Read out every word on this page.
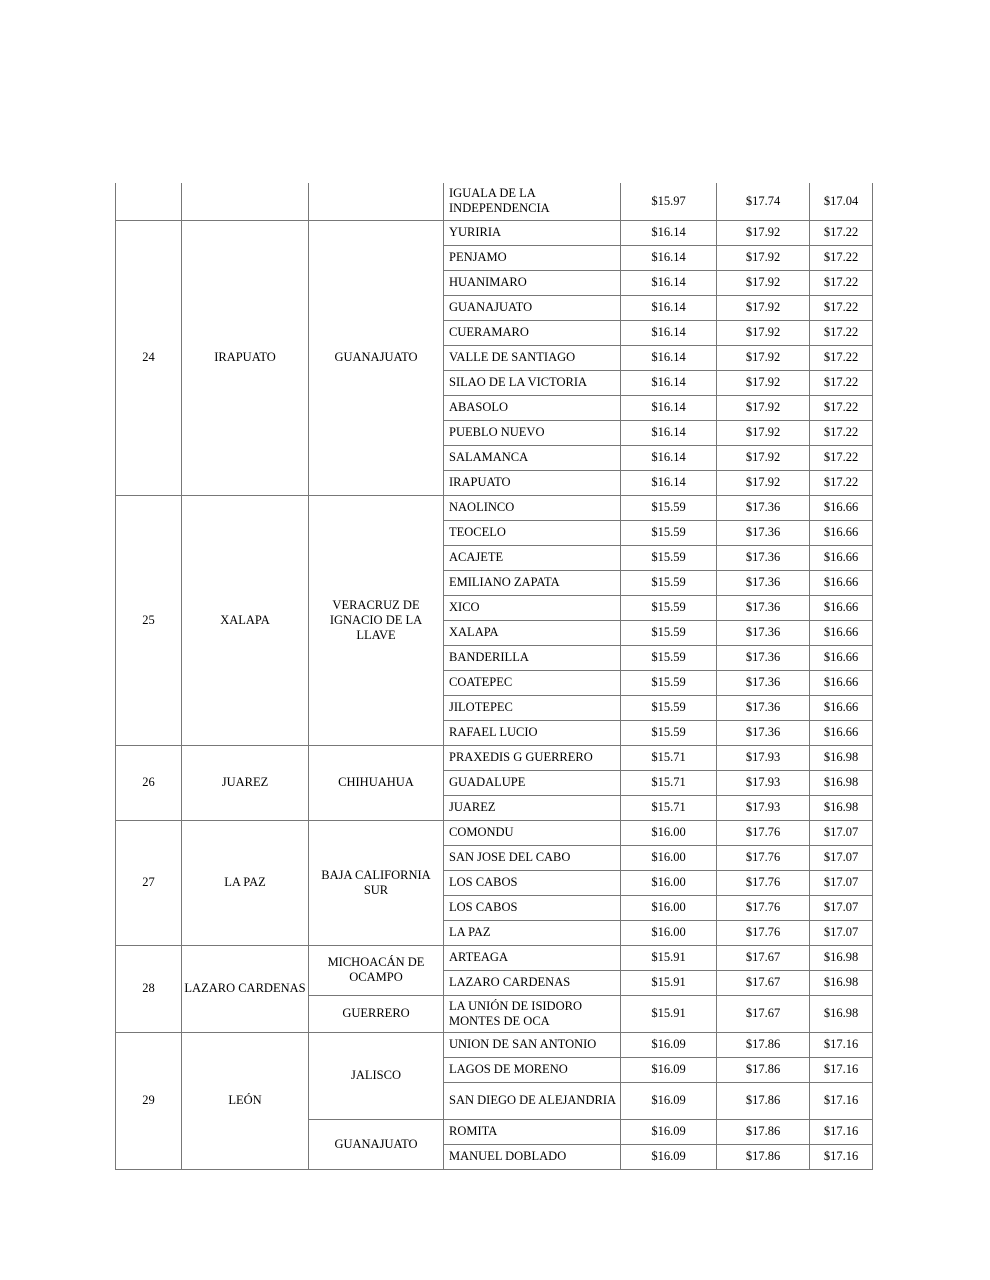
			IGUALA DE LA INDEPENDENCIA	$15.97	$17.74	$17.04
24	IRAPUATO	GUANAJUATO	YURIRIA	$16.14	$17.92	$17.22
			PENJAMO	$16.14	$17.92	$17.22
			HUANIMARO	$16.14	$17.92	$17.22
			GUANAJUATO	$16.14	$17.92	$17.22
			CUERAMARO	$16.14	$17.92	$17.22
			VALLE DE SANTIAGO	$16.14	$17.92	$17.22
			SILAO DE LA VICTORIA	$16.14	$17.92	$17.22
			ABASOLO	$16.14	$17.92	$17.22
			PUEBLO NUEVO	$16.14	$17.92	$17.22
			SALAMANCA	$16.14	$17.92	$17.22
			IRAPUATO	$16.14	$17.92	$17.22
25	XALAPA	VERACRUZ DE IGNACIO DE LA LLAVE	NAOLINCO	$15.59	$17.36	$16.66
			TEOCELO	$15.59	$17.36	$16.66
			ACAJETE	$15.59	$17.36	$16.66
			EMILIANO ZAPATA	$15.59	$17.36	$16.66
			XICO	$15.59	$17.36	$16.66
			XALAPA	$15.59	$17.36	$16.66
			BANDERILLA	$15.59	$17.36	$16.66
			COATEPEC	$15.59	$17.36	$16.66
			JILOTEPEC	$15.59	$17.36	$16.66
			RAFAEL LUCIO	$15.59	$17.36	$16.66
26	JUAREZ	CHIHUAHUA	PRAXEDIS G GUERRERO	$15.71	$17.93	$16.98
			GUADALUPE	$15.71	$17.93	$16.98
			JUAREZ	$15.71	$17.93	$16.98
27	LA PAZ	BAJA CALIFORNIA SUR	COMONDU	$16.00	$17.76	$17.07
			SAN JOSE DEL CABO	$16.00	$17.76	$17.07
			LOS CABOS	$16.00	$17.76	$17.07
			LOS CABOS	$16.00	$17.76	$17.07
			LA PAZ	$16.00	$17.76	$17.07
28	LAZARO CARDENAS	MICHOACÁN DE OCAMPO	ARTEAGA	$15.91	$17.67	$16.98
			LAZARO CARDENAS	$15.91	$17.67	$16.98
		GUERRERO	LA UNIÓN DE ISIDORO MONTES DE OCA	$15.91	$17.67	$16.98
29	LEÓN	JALISCO	UNION DE SAN ANTONIO	$16.09	$17.86	$17.16
			LAGOS DE MORENO	$16.09	$17.86	$17.16
			SAN DIEGO DE ALEJANDRIA	$16.09	$17.86	$17.16
		GUANAJUATO	ROMITA	$16.09	$17.86	$17.16
			MANUEL DOBLADO	$16.09	$17.86	$17.16
